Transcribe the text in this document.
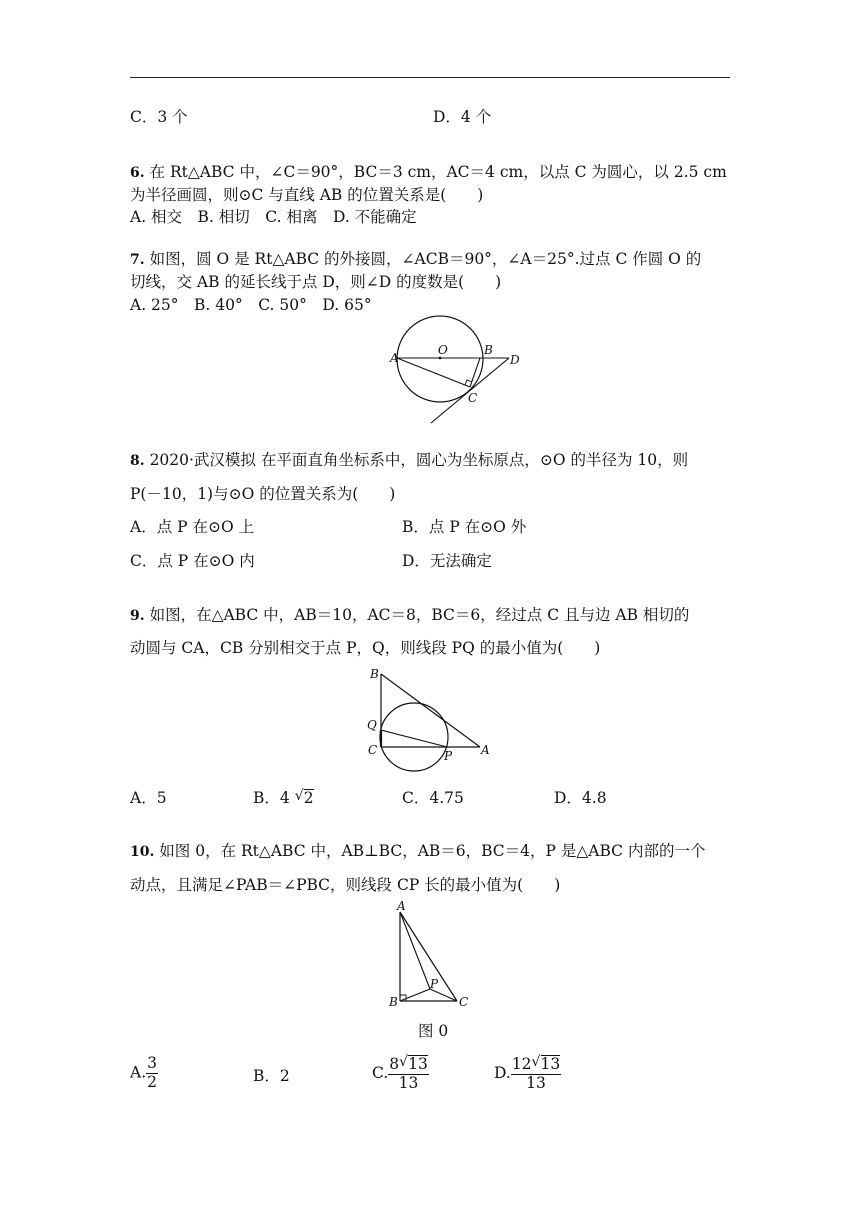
C．3 个	D．4 个
6. 在 Rt△ABC 中，∠C＝90°，BC＝3 cm，AC＝4 cm，以点 C 为圆心，以 2.5 cm
为半径画圆，则⊙C 与直线 AB 的位置关系是(　　)
A. 相交　B. 相切　C. 相离　D. 不能确定
7. 如图，圆 O 是 Rt△ABC 的外接圆，∠ACB＝90°，∠A＝25°.过点 C 作圆 O 的
切线，交 AB 的延长线于点 D，则∠D 的度数是(　　)
A. 25°　B. 40°　C. 50°　D. 65°
A
O	B
D
C
8. 2020·武汉模拟 在平面直角坐标系中，圆心为坐标原点，⊙O 的半径为 10，则
P(－10，1)与⊙O 的位置关系为(　　)
A．点 P 在⊙O 上	B．点 P 在⊙O 外
C．点 P 在⊙O 内	D．无法确定
9. 如图，在△ABC 中，AB＝10，AC＝8，BC＝6，经过点 C 且与边 AB 相切的
动圆与 CA，CB 分别相交于点 P，Q，则线段 PQ 的最小值为(　　)
B
Q
C	P A
A．5	B．4 √ 2	C．4.75	D．4.8
10. 如图 0，在 Rt△ABC 中，AB⊥BC，AB＝6，BC＝4，P 是△ABC 内部的一个
动点，且满足∠PAB＝∠PBC，则线段 CP 长的最小值为(　　)
A
B
P
C
图 0
A. $\frac{3}{2}$	B．2	C. $\frac{8 √ 13}{13}$	D. $\frac{12 √ 13}{13}$
